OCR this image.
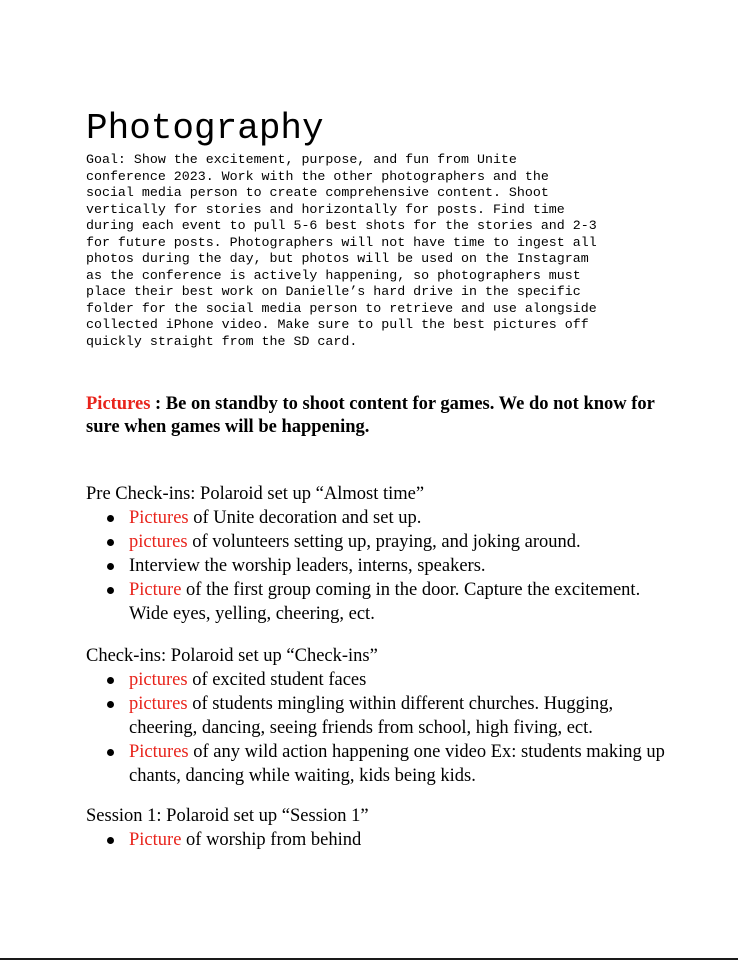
Photography

Goal: Show the excitement, purpose, and fun from Unite
conference 2023. Work with the other photographers and the
social media person to create comprehensive content. Shoot
vertically for stories and horizontally for posts. Find time
during each event to pull 5-6 best shots for the stories and 2-3
for future posts. Photographers will not have time to ingest all
photos during the day, but photos will be used on the Instagram
as the conference is actively happening, so photographers must
place their best work on Danielle’s hard drive in the specific
folder for the social media person to retrieve and use alongside
collected iPhone video. Make sure to pull the best pictures off
quickly straight from the SD card.

Pictures : Be on standby to shoot content for games. We do not know for sure when games will be happening.

Pre Check-ins: Polaroid set up “Almost time”

Pictures of Unite decoration and set up.
pictures of volunteers setting up, praying, and joking around.
Interview the worship leaders, interns, speakers.
Picture of the first group coming in the door. Capture the excitement. Wide eyes, yelling, cheering, ect.

Check-ins: Polaroid set up “Check-ins”

pictures of excited student faces
pictures of students mingling within different churches. Hugging, cheering, dancing, seeing friends from school, high fiving, ect.
Pictures of any wild action happening one video Ex: students making up chants, dancing while waiting, kids being kids.

Session 1: Polaroid set up “Session 1”

Picture of worship from behind
